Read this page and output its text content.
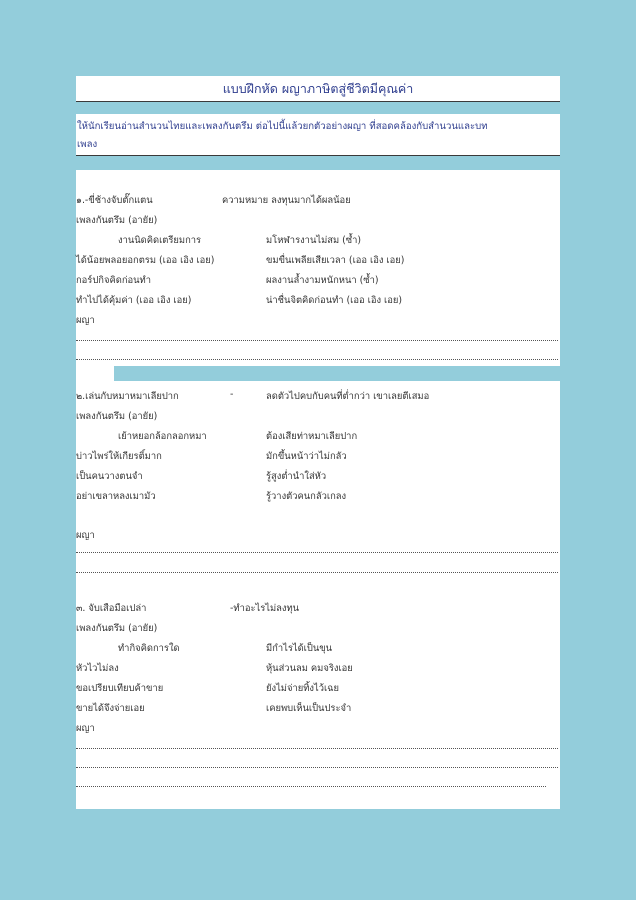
แบบฝึกหัด ผญาภาษิตสู่ชีวิตมีคุณค่า
ให้นักเรียนอ่านสำนวนไทยและเพลงกันตรึม ต่อไปนี้แล้วยกตัวอย่างผญา ที่สอดคล้องกับสำนวนและบท
เพลง
๑.-ขี่ช้างจับตั๊กแตน	ความหมาย ลงทุนมากได้ผลน้อย
เพลงกันตรึม (อายัย)
งานนิดคิดเตรียมการ	มโหฬารงานไม่สม (ซ้ำ)
ได้น้อยพลอยอกตรม (เออ เอิง เอย)	ขมขื่นเพลียเสียเวลา (เออ เอิง เอย)
กอร์ปกิจคิดก่อนทำ	ผลงานล้ำงามหนักหนา (ซ้ำ)
ทำไปได้คุ้มค่า (เออ เอิง เอย)	น่าชื่นจิตคิดก่อนทำ (เออ เอิง เอย)
ผญา
๒.เล่นกับหมาหมาเลียปาก	-	ลดตัวไปคบกับคนที่ต่ำกว่า เขาเลยตีเสมอ
เพลงกันตรึม (อายัย)
เย้าหยอกล้อกลอกหมา	ต้องเสียท่าหมาเลียปาก
บ่าวไพร่ให้เกียรติ์มาก	มักขึ้นหน้าว่าไม่กลัว
เป็นคนวางตนจำ	รู้สูงต่ำนำใส่หัว
อย่าเขลาหลงเมามัว	รู้วางตัวคนกลัวเกลง
ผญา
๓. จับเสือมือเปล่า	-ทำอะไรไม่ลงทุน
เพลงกันตรึม (อายัย)
ทำกิจคิดการใด	มีกำไรได้เป็นขุน
หัวไวไม่ลง	หุ้นส่วนลม คมจริงเอย
ขอเปรียบเทียบค้าขาย	ยังไม่จ่ายทิ้งไว้เฉย
ขายได้จึงจ่ายเอย	เคยพบเห็นเป็นประจำ
ผญา
